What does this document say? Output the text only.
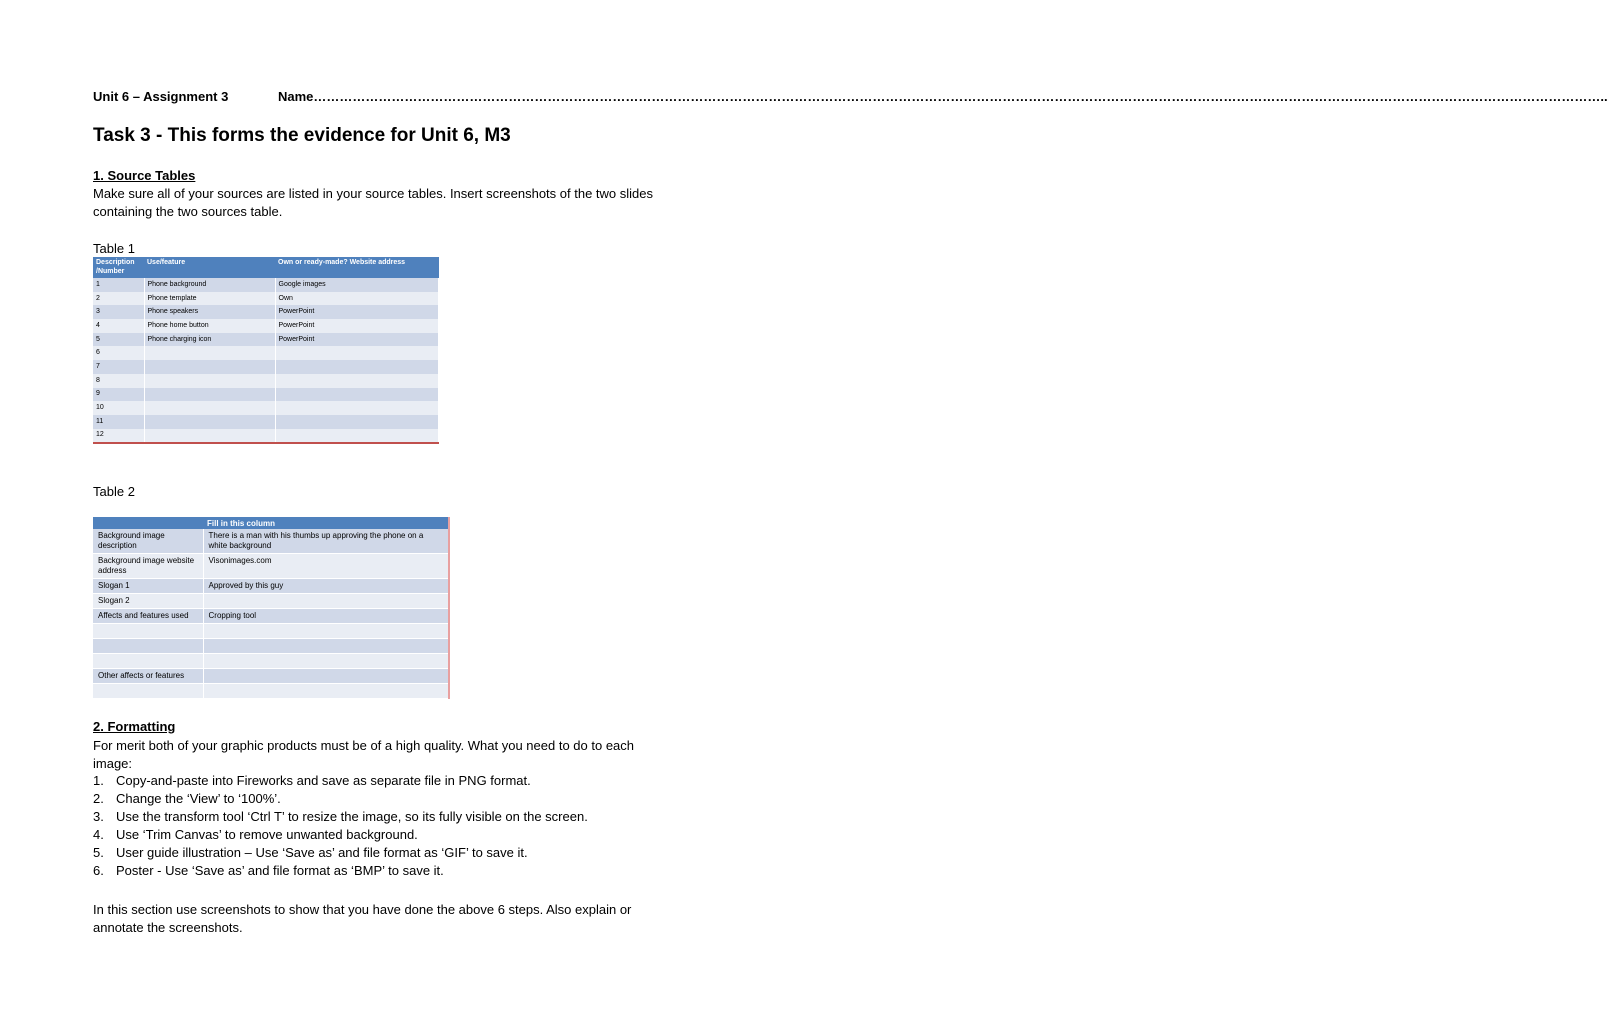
Unit 6 – Assignment 3	Name………………………………………………………………………………………………………………………………………………………………………………………………………………………………………………………………………..
Task 3 - This forms the evidence for Unit 6, M3
1. Source Tables
Make sure all of your sources are listed in your source tables. Insert screenshots of the two slides containing the two sources table.
Table 1
Description /Number	Use/feature	Own or ready-made? Website address
1	Phone background	Google images
2	Phone template	Own
3	Phone speakers	PowerPoint
4	Phone home button	PowerPoint
5	Phone charging icon	PowerPoint
6		
7		
8		
9		
10		
11		
12		
Table 2
	Fill in this column
Background image description	There is a man with his thumbs up approving the phone on a white background
Background image website address	Visonimages.com
Slogan 1	Approved by this guy
Slogan 2	
Affects and features used	Cropping tool

Other affects or features	

2. Formatting
For merit both of your graphic products must be of a high quality. What you need to do to each image:
1. Copy-and-paste into Fireworks and save as separate file in PNG format.
2. Change the ‘View’ to ‘100%’.
3. Use the transform tool ‘Ctrl T’ to resize the image, so its fully visible on the screen.
4. Use ‘Trim Canvas’ to remove unwanted background.
5. User guide illustration – Use ‘Save as’ and file format as ‘GIF’ to save it.
6. Poster - Use ‘Save as’ and file format as ‘BMP’ to save it.
In this section use screenshots to show that you have done the above 6 steps. Also explain or annotate the screenshots.
